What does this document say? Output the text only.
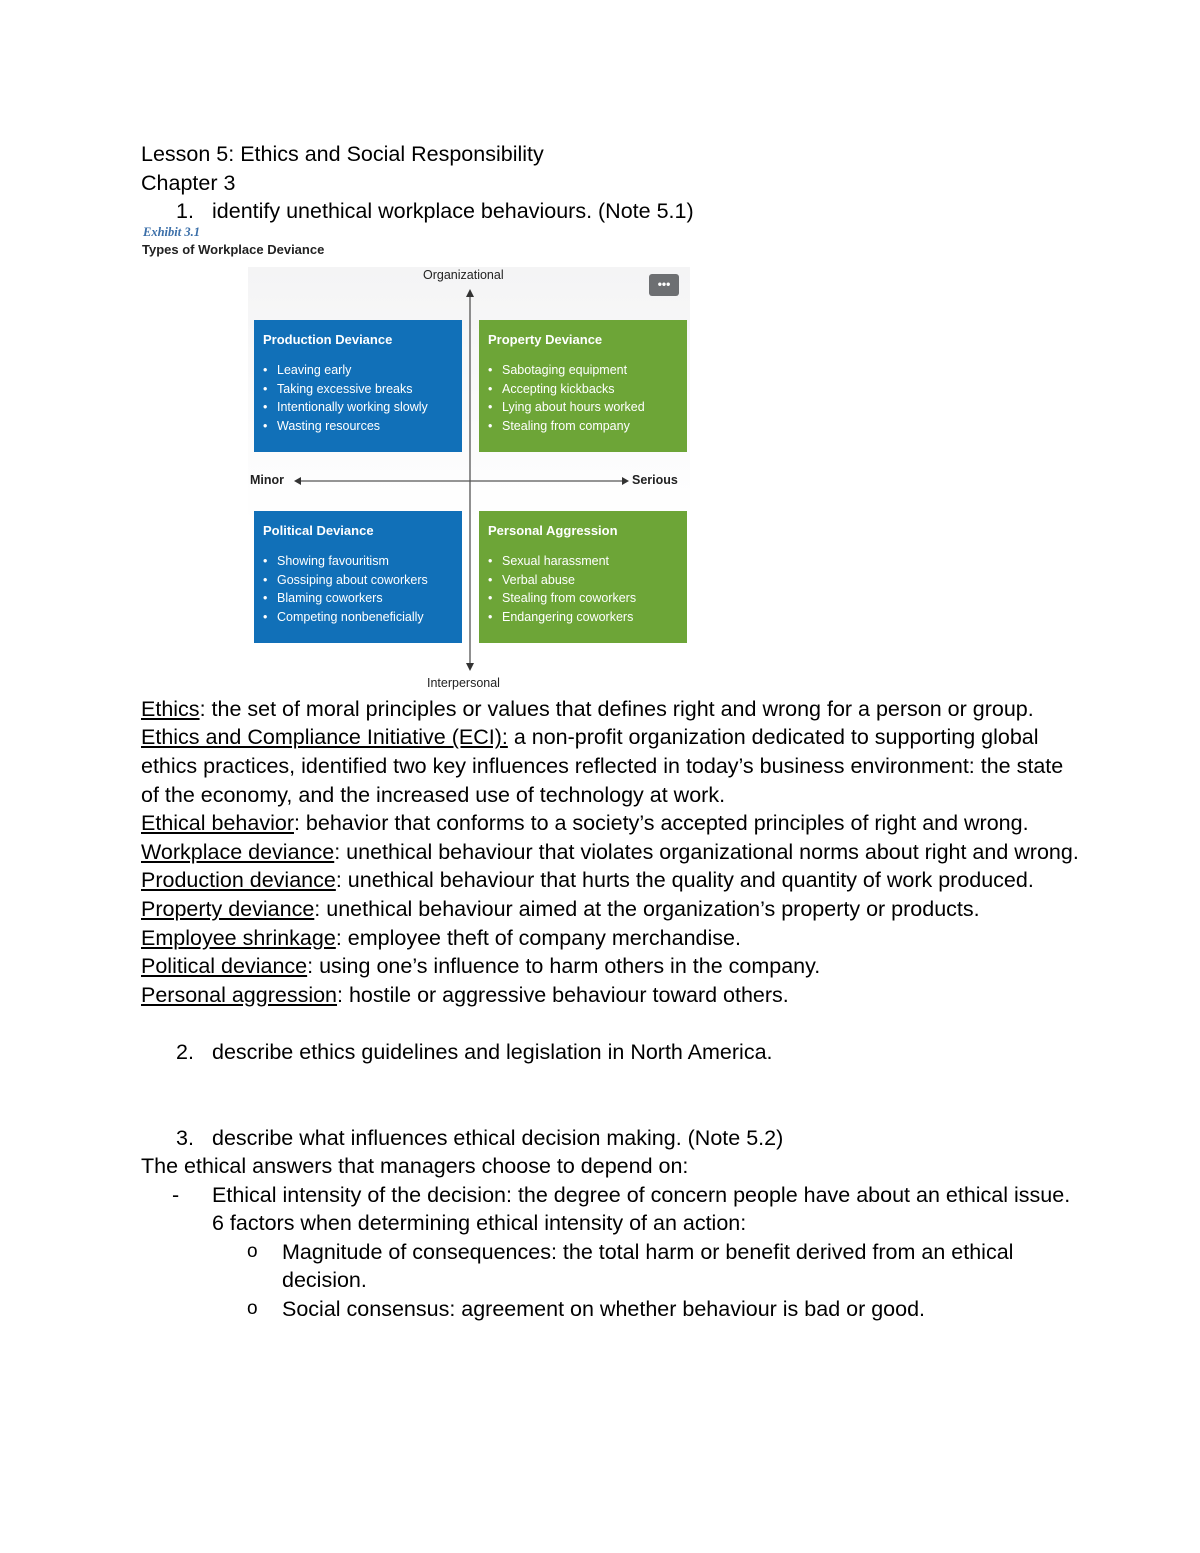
Exhibit 3.1
Types of Workplace Deviance
Organizational
Interpersonal
Minor	Serious
•••
Production Deviance
• Leaving early
• Taking excessive breaks
• Intentionally working slowly
• Wasting resources
Property Deviance
• Sabotaging equipment
• Accepting kickbacks
• Lying about hours worked
• Stealing from company
Political Deviance
• Showing favouritism
• Gossiping about coworkers
• Blaming coworkers
• Competing nonbeneficially
Personal Aggression
• Sexual harassment
• Verbal abuse
• Stealing from coworkers
• Endangering coworkers

Lesson 5: Ethics and Social Responsibility

Chapter 3

1. identify unethical workplace behaviours. (Note 5.1)

Ethics: the set of moral principles or values that defines right and wrong for a person or group.

Ethics and Compliance Initiative (ECI): a non-profit organization dedicated to supporting global ethics practices, identified two key influences reflected in today’s business environment: the state of the economy, and the increased use of technology at work.

Ethical behavior: behavior that conforms to a society’s accepted principles of right and wrong.

Workplace deviance: unethical behaviour that violates organizational norms about right and wrong.

Production deviance: unethical behaviour that hurts the quality and quantity of work produced.

Property deviance: unethical behaviour aimed at the organization’s property or products.

Employee shrinkage: employee theft of company merchandise.

Political deviance: using one’s influence to harm others in the company.

Personal aggression: hostile or aggressive behaviour toward others.

2. describe ethics guidelines and legislation in North America.

3. describe what influences ethical decision making. (Note 5.2)

The ethical answers that managers choose to depend on:

- Ethical intensity of the decision: the degree of concern people have about an ethical issue. 6 factors when determining ethical intensity of an action:

o Magnitude of consequences: the total harm or benefit derived from an ethical decision.

o Social consensus: agreement on whether behaviour is bad or good.
